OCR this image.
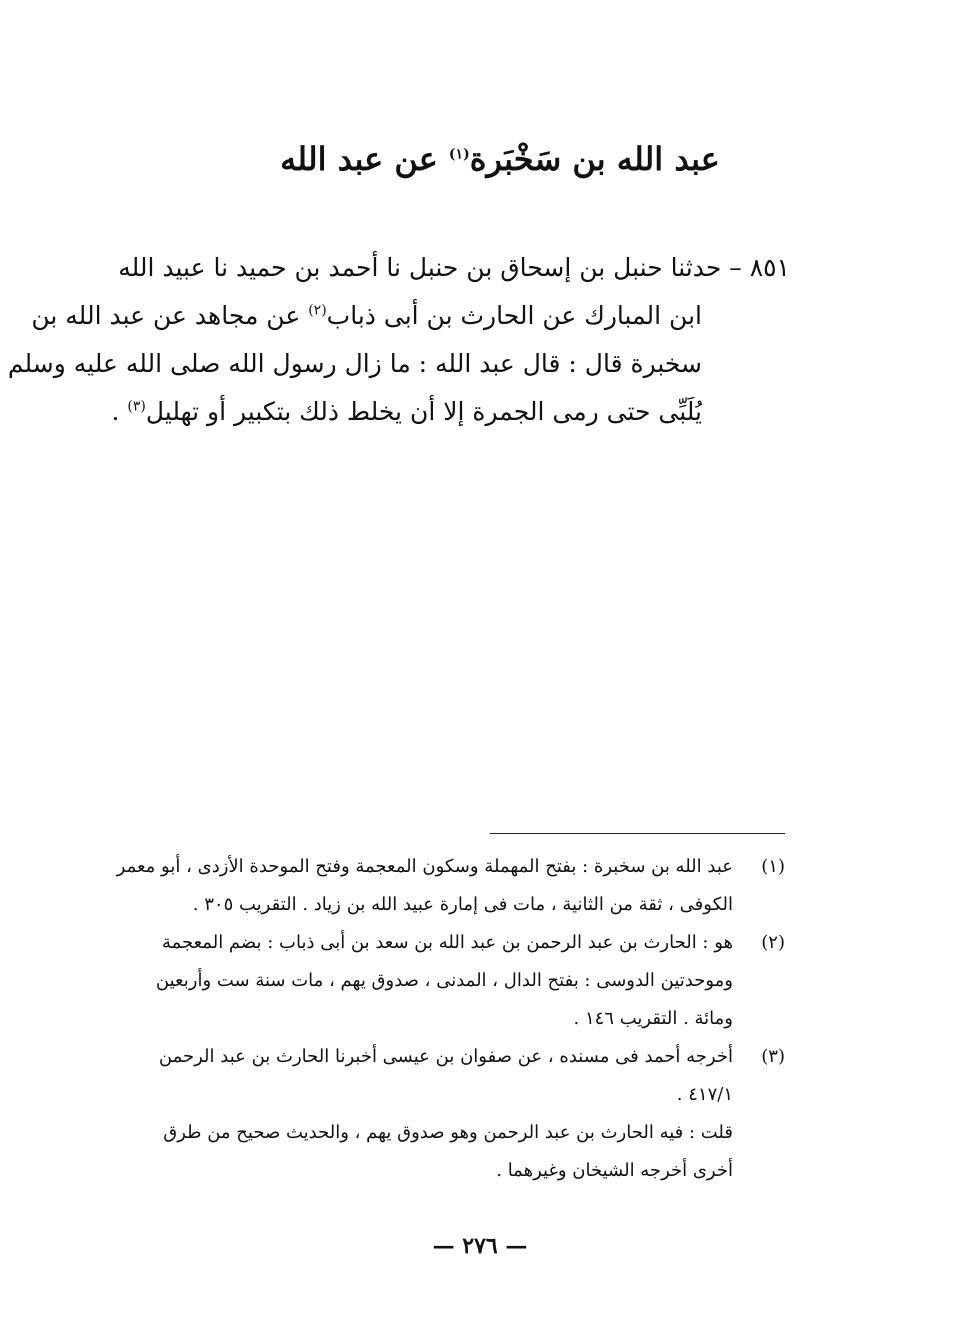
عبد الله بن سَخْبَرة$^{(١)}$ عن عبد الله
٨٥١ – حدثنا حنبل بن إسحاق بن حنبل نا أحمد بن حميد نا عبيد الله
ابن المبارك عن الحارث بن أبى ذباب$^{(٢)}$ عن مجاهد عن عبد الله بن
سخبرة قال : قال عبد الله : ما زال رسول الله صلى الله عليه وسلم
يُلَبِّى حتى رمى الجمرة إلا أن يخلط ذلك بتكبير أو تهليل$^{(٣)}$ .
(١)
عبد الله بن سخبرة : بفتح المهملة وسكون المعجمة وفتح الموحدة الأزدى ، أبو معمر
الكوفى ، ثقة من الثانية ، مات فى إمارة عبيد الله بن زياد . التقريب ٣٠٥ .
(٢)
هو : الحارث بن عبد الرحمن بن عبد الله بن سعد بن أبى ذباب : بضم المعجمة
وموحدتين الدوسى : بفتح الدال ، المدنى ، صدوق يهم ، مات سنة ست وأربعين
ومائة . التقريب ١٤٦ .
(٣)
أخرجه أحمد فى مسنده ، عن صفوان بن عيسى أخبرنا الحارث بن عبد الرحمن
٤١٧/١ .
قلت : فيه الحارث بن عبد الرحمن وهو صدوق يهم ، والحديث صحيح من طرق
أخرى أخرجه الشيخان وغيرهما .
— ٢٧٦ —
